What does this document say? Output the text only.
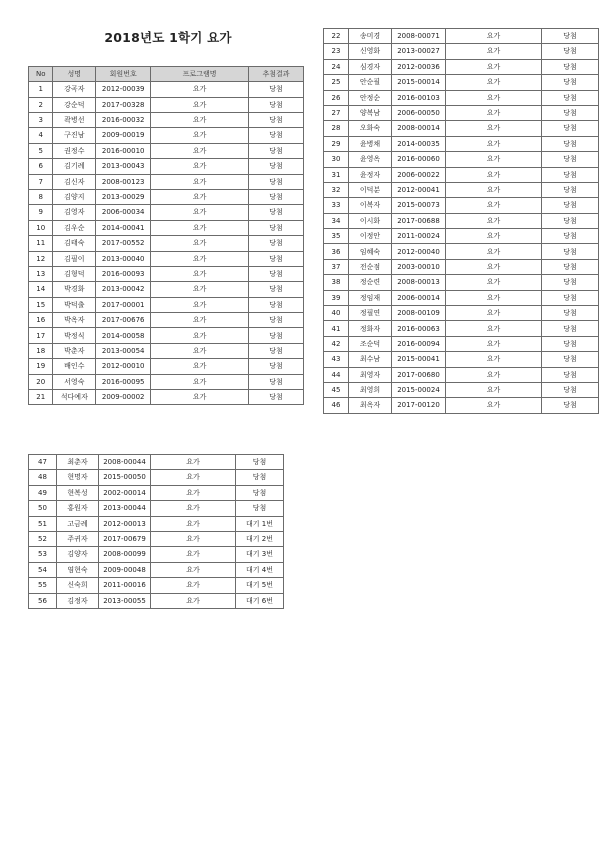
2018년도 1학기 요가
No	성명	회원번호	프로그램명	추첨결과
1	강곡자	2012-00039	요가	당첨
2	강순덕	2017-00328	요가	당첨
3	곽병선	2016-00032	요가	당첨
4	구진남	2009-00019	요가	당첨
5	권정수	2016-00010	요가	당첨
6	김기례	2013-00043	요가	당첨
7	김신자	2008-00123	요가	당첨
8	김양지	2013-00029	요가	당첨
9	김영자	2006-00034	요가	당첨
10	김우순	2014-00041	요가	당첨
11	김태숙	2017-00552	요가	당첨
12	김필이	2013-00040	요가	당첨
13	김형덕	2016-00093	요가	당첨
14	박경화	2013-00042	요가	당첨
15	박덕출	2017-00001	요가	당첨
16	박옥자	2017-00676	요가	당첨
17	박정식	2014-00058	요가	당첨
18	박춘자	2013-00054	요가	당첨
19	배인수	2012-00010	요가	당첨
20	서영숙	2016-00095	요가	당첨
21	석다예자	2009-00002	요가	당첨
22	송미경	2008-00071	요가	당첨
23	신영화	2013-00027	요가	당첨
24	심경자	2012-00036	요가	당첨
25	안순필	2015-00014	요가	당첨
26	안정순	2016-00103	요가	당첨
27	양복남	2006-00050	요가	당첨
28	오화숙	2008-00014	요가	당첨
29	윤병채	2014-00035	요가	당첨
30	윤영옥	2016-00060	요가	당첨
31	윤정자	2006-00022	요가	당첨
32	이덕분	2012-00041	요가	당첨
33	이복자	2015-00073	요가	당첨
34	이시화	2017-00688	요가	당첨
35	이정안	2011-00024	요가	당첨
36	임혜숙	2012-00040	요가	당첨
37	전순점	2003-00010	요가	당첨
38	정순련	2008-00013	요가	당첨
39	정임재	2006-00014	요가	당첨
40	정필연	2008-00109	요가	당첨
41	정화자	2016-00063	요가	당첨
42	조순덕	2016-00094	요가	당첨
43	최수남	2015-00041	요가	당첨
44	최영자	2017-00680	요가	당첨
45	최영희	2015-00024	요가	당첨
46	최옥자	2017-00120	요가	당첨
47	최춘자	2008-00044	요가	당첨
48	현명자	2015-00050	요가	당첨
49	현복성	2002-00014	요가	당첨
50	홍원자	2013-00044	요가	당첨
51	고금례	2012-00013	요가	대기 1번
52	주귀자	2017-00679	요가	대기 2번
53	김양자	2008-00099	요가	대기 3번
54	염현숙	2009-00048	요가	대기 4번
55	신숙희	2011-00016	요가	대기 5번
56	김정자	2013-00055	요가	대기 6번
